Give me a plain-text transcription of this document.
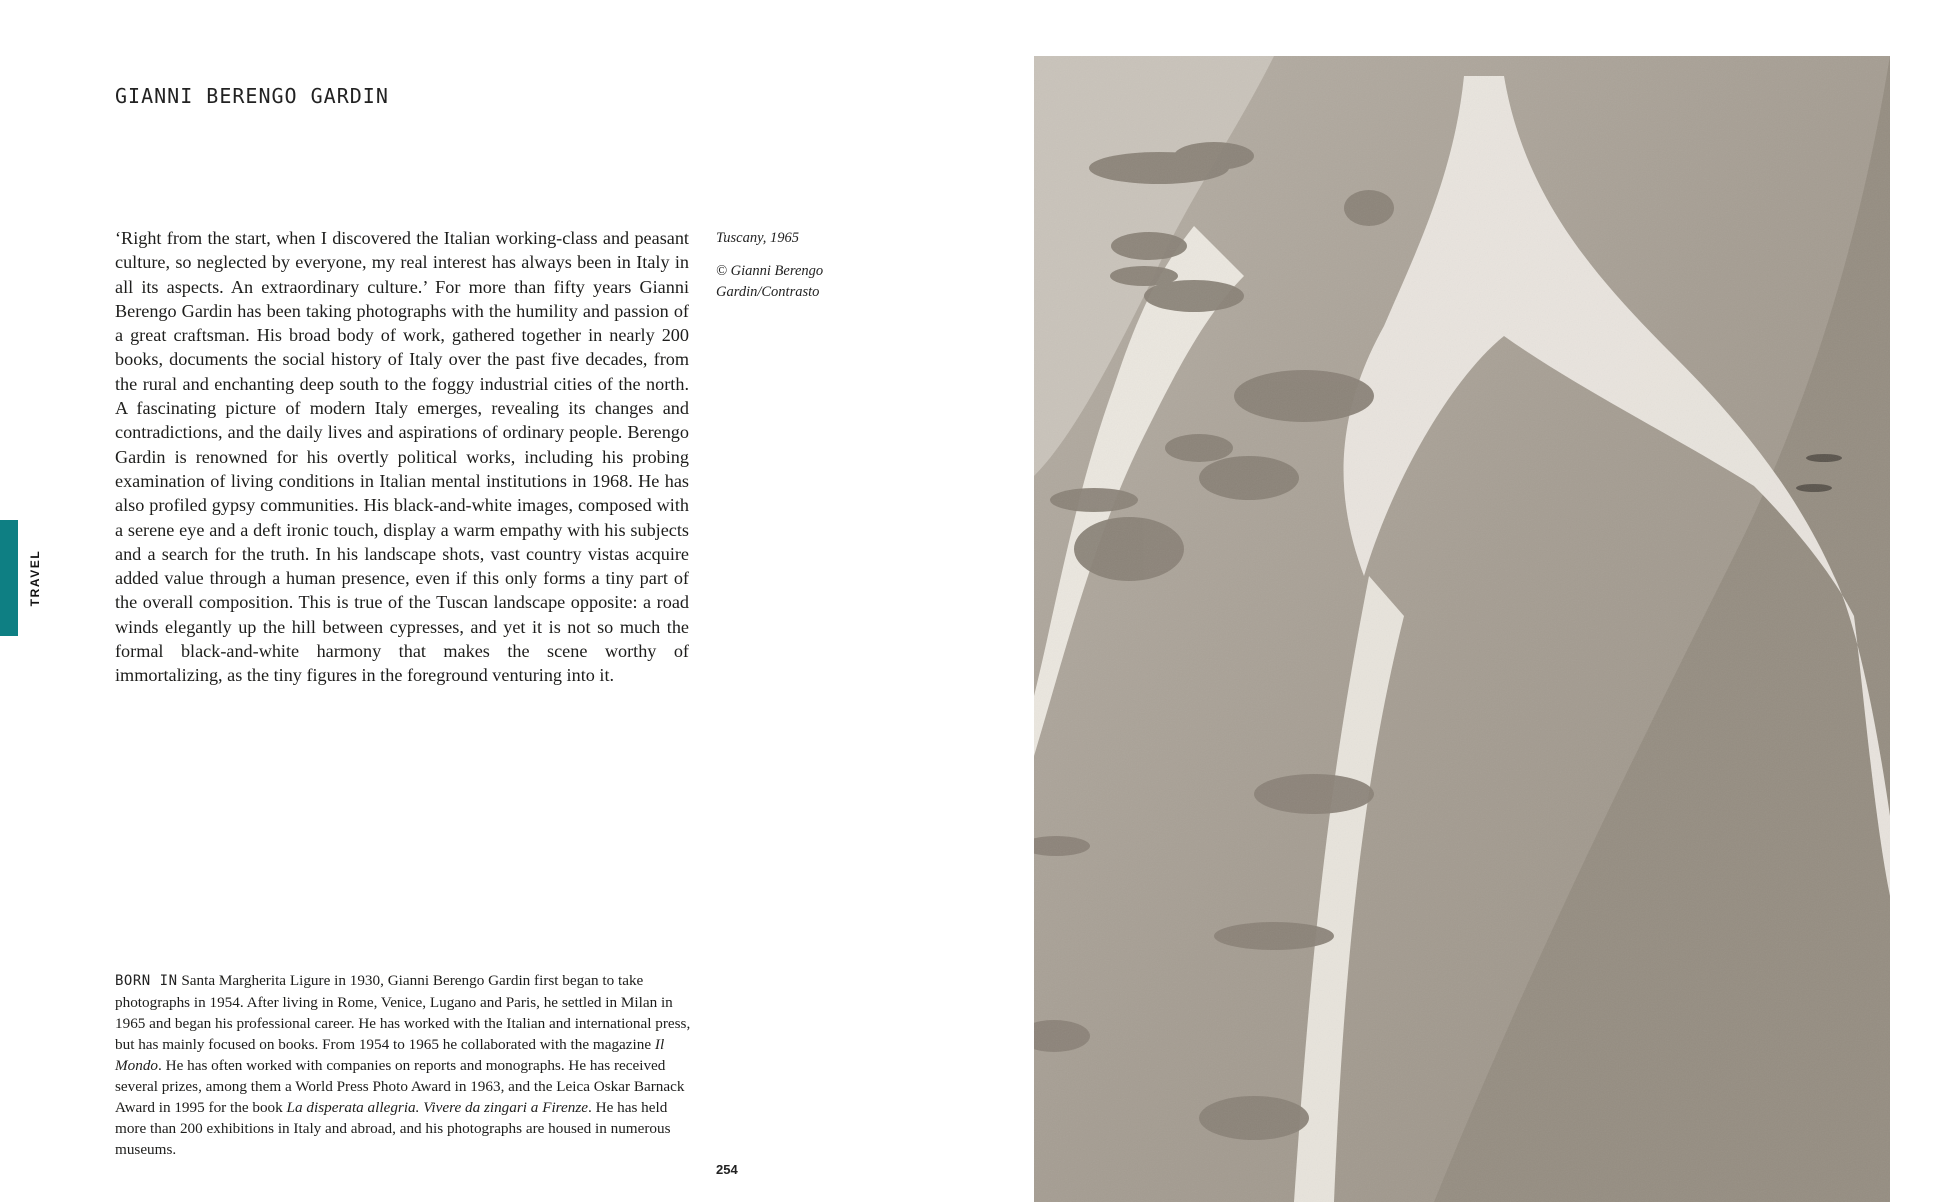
TRAVEL
GIANNI BERENGO GARDIN

‘Right from the start, when I discovered the Italian working-class and peasant culture, so neglected by everyone, my real interest has always been in Italy in all its aspects. An extraordinary culture.’ For more than fifty years Gianni Berengo Gardin has been taking photographs with the humility and passion of a great craftsman. His broad body of work, gathered together in nearly 200 books, documents the social history of Italy over the past five decades, from the rural and enchanting deep south to the foggy industrial cities of the north. A fascinating picture of modern Italy emerges, revealing its changes and contradictions, and the daily lives and aspirations of ordinary people. Berengo Gardin is renowned for his overtly political works, including his probing examination of living conditions in Italian mental institutions in 1968. He has also profiled gypsy communities. His black-and-white images, composed with a serene eye and a deft ironic touch, display a warm empathy with his subjects and a search for the truth. In his landscape shots, vast country vistas acquire added value through a human presence, even if this only forms a tiny part of the overall composition. This is true of the Tuscan landscape opposite: a road winds elegantly up the hill between cypresses, and yet it is not so much the formal black-and-white harmony that makes the scene worthy of immortalizing, as the tiny figures in the foreground venturing into it.

Tuscany, 1965

© Gianni Berengo
Gardin/Contrasto

BORN IN Santa Margherita Ligure in 1930, Gianni Berengo Gardin first began to take photographs in 1954. After living in Rome, Venice, Lugano and Paris, he settled in Milan in 1965 and began his professional career. He has worked with the Italian and international press, but has mainly focused on books. From 1954 to 1965 he collaborated with the magazine Il Mondo. He has often worked with companies on reports and monographs. He has received several prizes, among them a World Press Photo Award in 1963, and the Leica Oskar Barnack Award in 1995 for the book La disperata allegria. Vivere da zingari a Firenze. He has held more than 200 exhibitions in Italy and abroad, and his photographs are housed in numerous museums.

254
